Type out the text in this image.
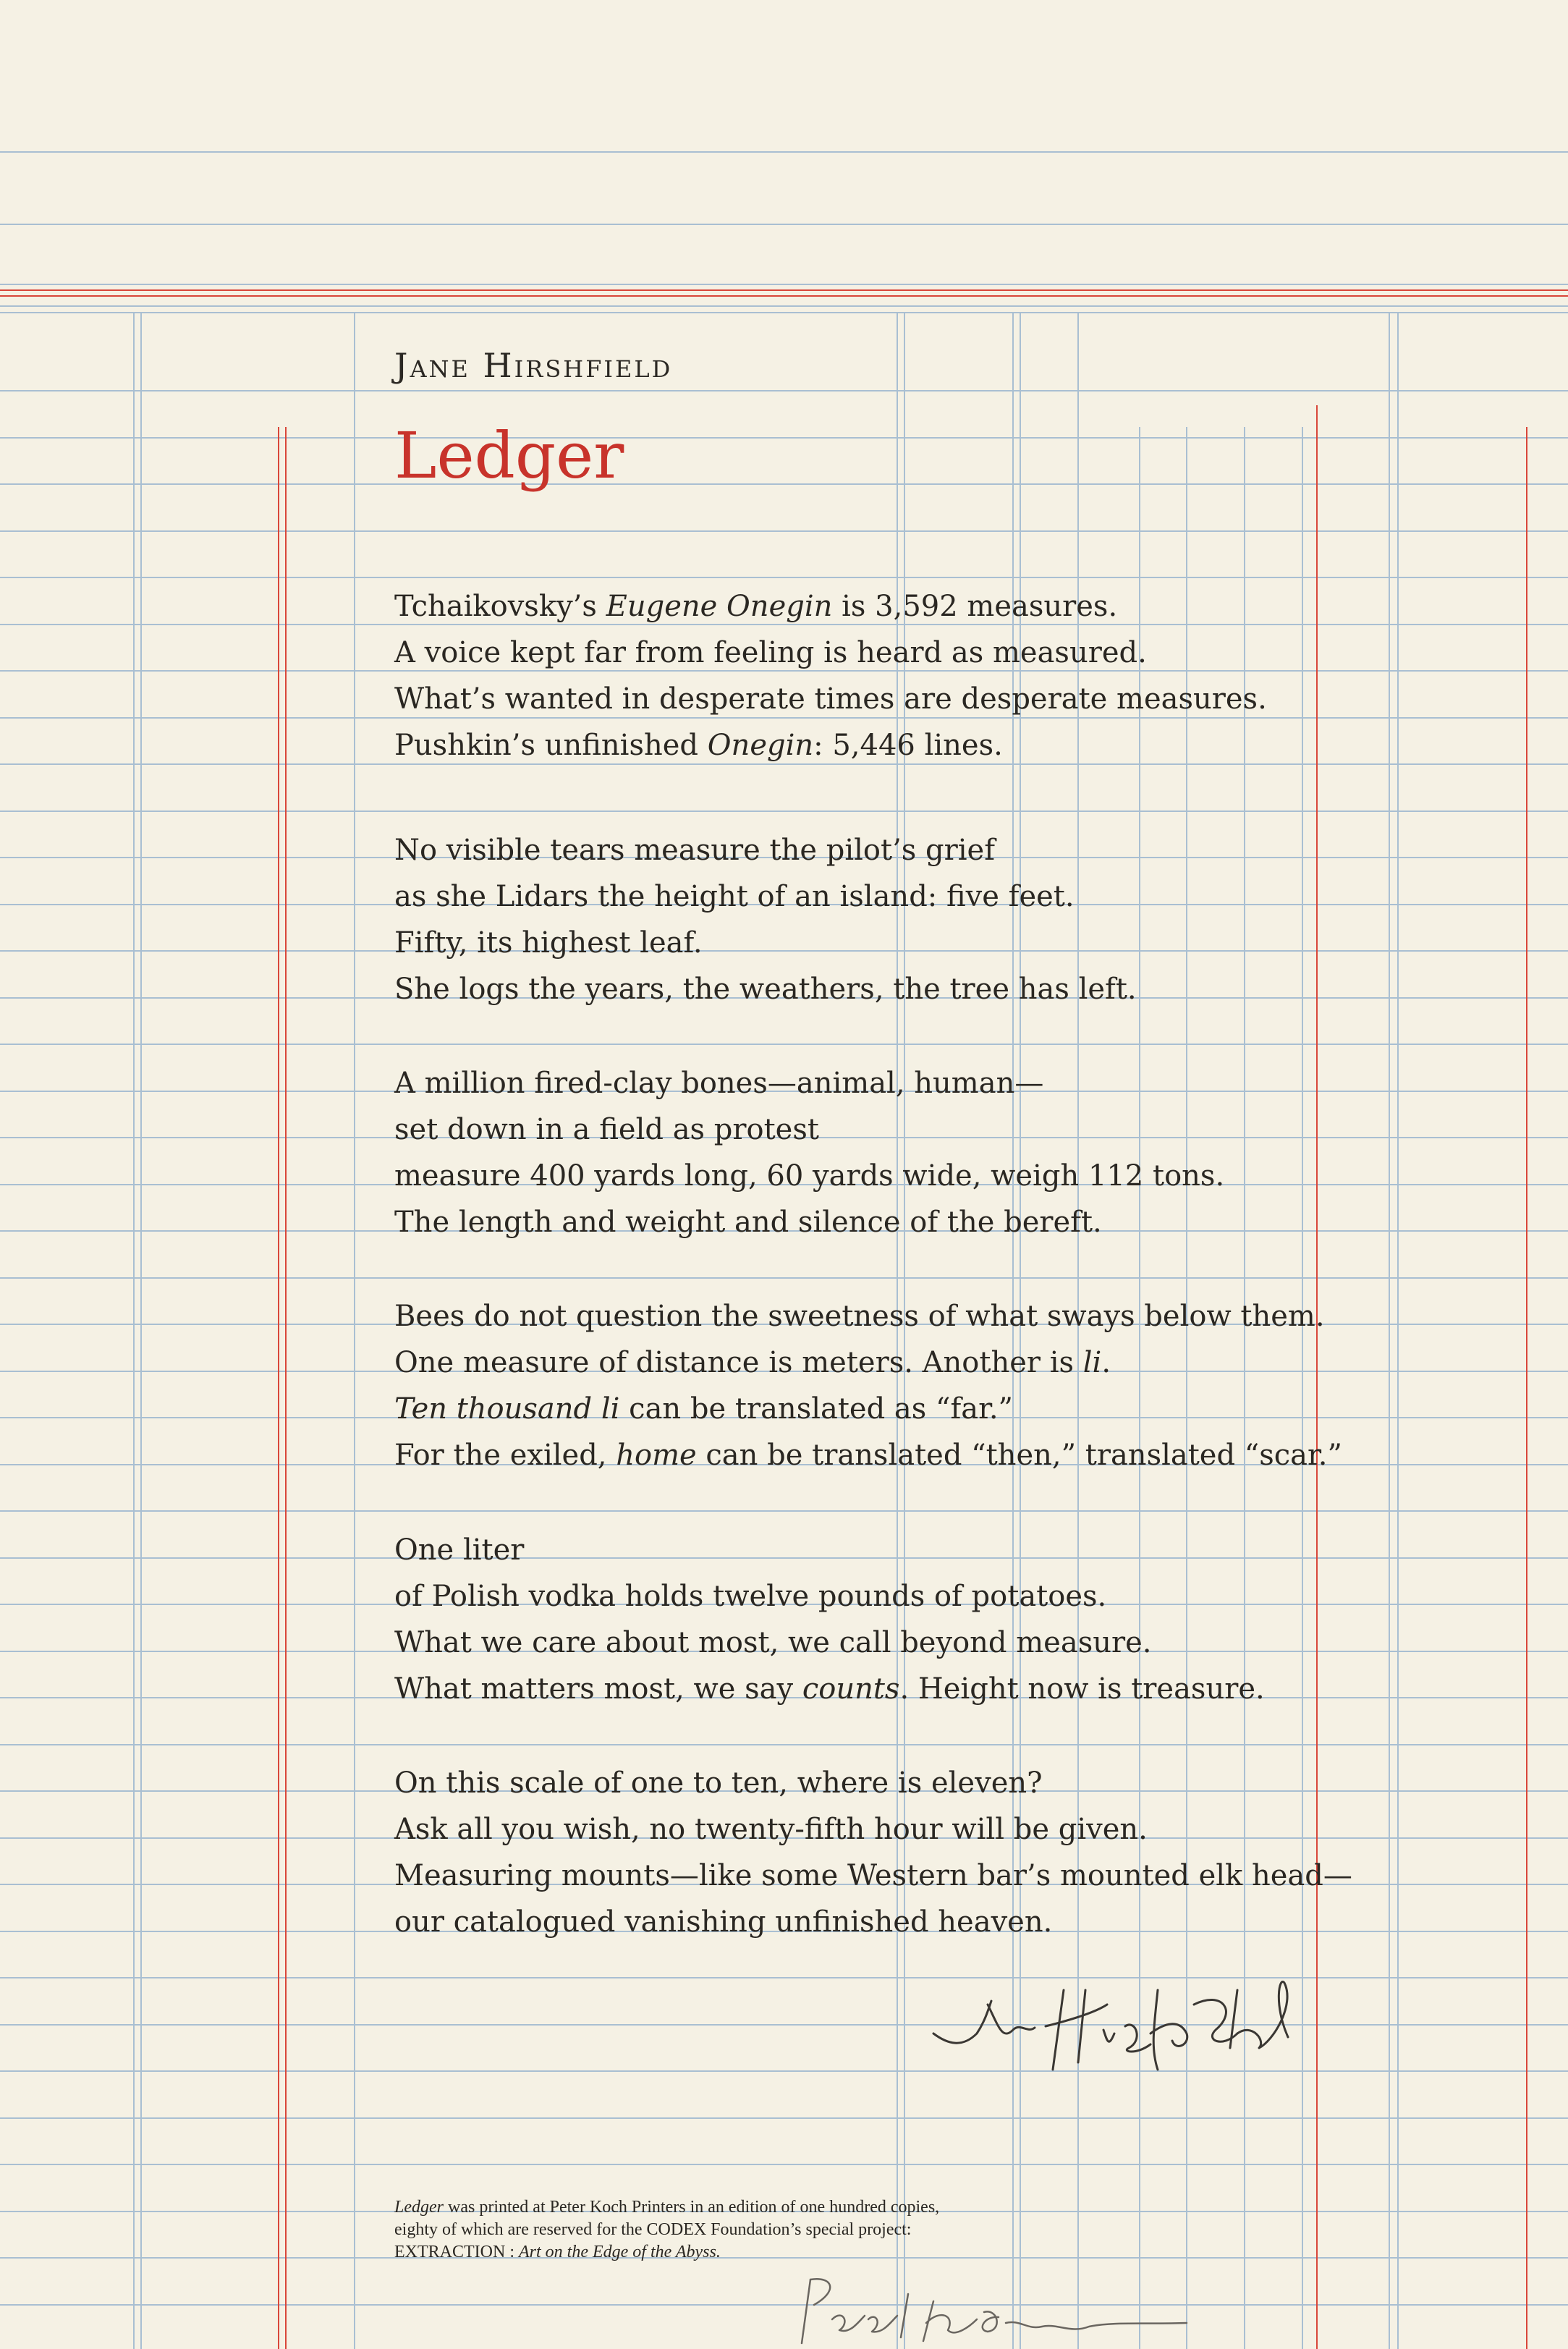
Jane Hirshfield
Ledger
Tchaikovsky’s Eugene Onegin is 3,592 measures.
A voice kept far from feeling is heard as measured.
What’s wanted in desperate times are desperate measures.
Pushkin’s unfinished Onegin: 5,446 lines.
No visible tears measure the pilot’s grief
as she Lidars the height of an island: five feet.
Fifty, its highest leaf.
She logs the years, the weathers, the tree has left.
A million fired-clay bones—animal, human—
set down in a field as protest
measure 400 yards long, 60 yards wide, weigh 112 tons.
The length and weight and silence of the bereft.
Bees do not question the sweetness of what sways below them.
One measure of distance is meters. Another is li.
Ten thousand li can be translated as “far.”
For the exiled, home can be translated “then,” translated “scar.”
One liter
of Polish vodka holds twelve pounds of potatoes.
What we care about most, we call beyond measure.
What matters most, we say counts. Height now is treasure.
On this scale of one to ten, where is eleven?
Ask all you wish, no twenty-fifth hour will be given.
Measuring mounts—like some Western bar’s mounted elk head—
our catalogued vanishing unfinished heaven.
Ledger was printed at Peter Koch Printers in an edition of one hundred copies,
eighty of which are reserved for the CODEX Foundation’s special project:
EXTRACTION : Art on the Edge of the Abyss.
